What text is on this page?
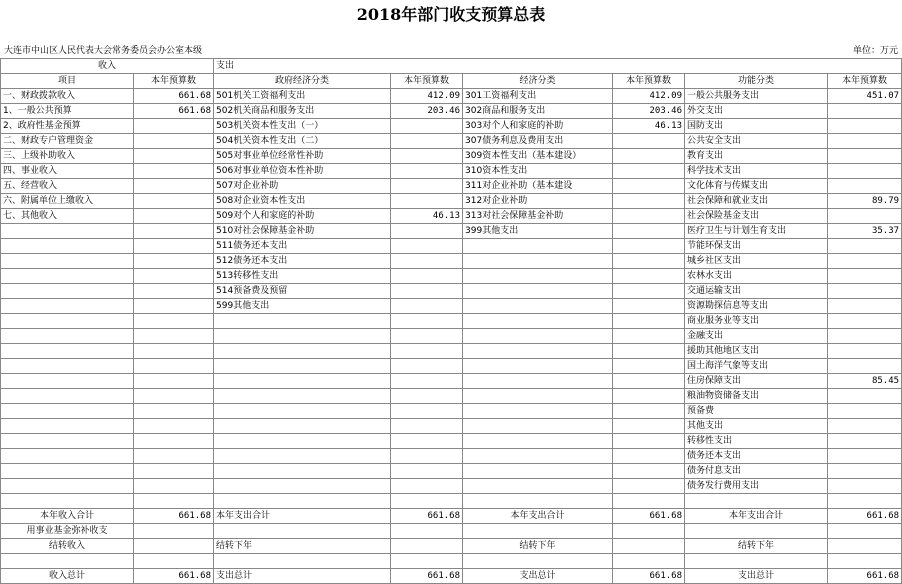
2018年部门收支预算总表
大连市中山区人民代表大会常务委员会办公室本级	单位：万元
收入		支出					
项目	本年预算数	政府经济分类	本年预算数	经济分类	本年预算数	功能分类	本年预算数
一、财政拨款收入	661.68	501机关工资福利支出	412.09	301工资福利支出	412.09	一般公共服务支出	451.07
1、一般公共预算	661.68	502机关商品和服务支出	203.46	302商品和服务支出	203.46	外交支出	
2、政府性基金预算		503机关资本性支出（一）		303对个人和家庭的补助	46.13	国防支出	
二、财政专户管理资金		504机关资本性支出（二）		307债务利息及费用支出		公共安全支出	
三、上级补助收入		505对事业单位经常性补助		309资本性支出（基本建设）		教育支出	
四、事业收入		506对事业单位资本性补助		310资本性支出		科学技术支出	
五、经营收入		507对企业补助		311对企业补助（基本建设		文化体育与传媒支出	
六、附属单位上缴收入		508对企业资本性支出		312对企业补助		社会保障和就业支出	89.79
七、其他收入		509对个人和家庭的补助	46.13	313对社会保障基金补助		社会保险基金支出	
		510对社会保障基金补助		399其他支出		医疗卫生与计划生育支出	35.37
		511债务还本支出				节能环保支出	
		512债务还本支出				城乡社区支出	
		513转移性支出				农林水支出	
		514预备费及预留				交通运输支出	
		599其他支出				资源勘探信息等支出	
						商业服务业等支出	
						金融支出	
						援助其他地区支出	
						国土海洋气象等支出	
						住房保障支出	85.45
						粮油物资储备支出	
						预备费	
						其他支出	
						转移性支出	
						债务还本支出	
						债务付息支出	
						债务发行费用支出	

本年收入合计	661.68	本年支出合计	661.68	本年支出合计	661.68	本年支出合计	661.68
用事业基金弥补收支							
结转收入		结转下年		结转下年		结转下年	

收入总计	661.68	支出总计	661.68	支出总计	661.68	支出总计	661.68
